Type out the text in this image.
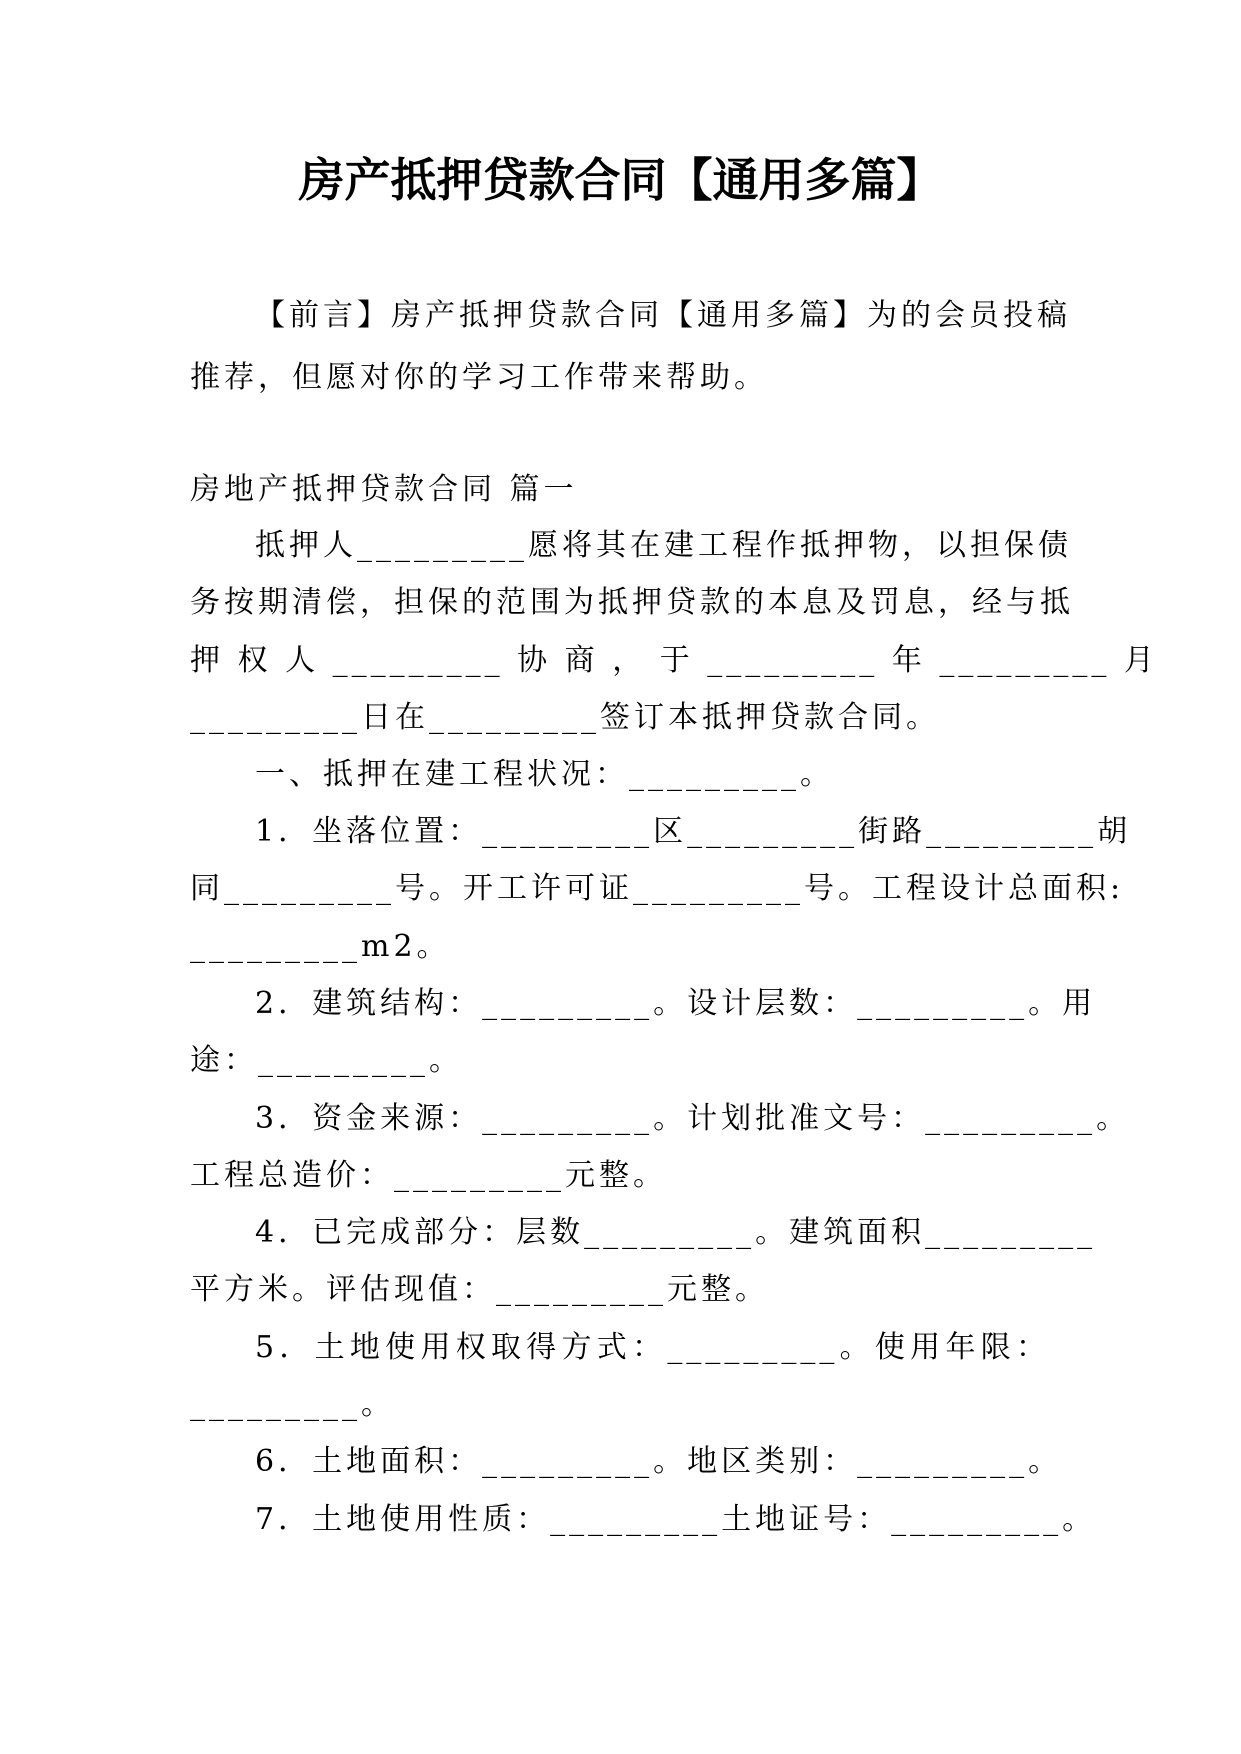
房产抵押贷款合同【通用多篇】
【前言】房产抵押贷款合同【通用多篇】为的会员投稿
推荐，但愿对你的学习工作带来帮助。
房地产抵押贷款合同 篇一
抵押人_________愿将其在建工程作抵押物，以担保债
务按期清偿，担保的范围为抵押贷款的本息及罚息，经与抵
押 权 人 _________ 协 商 ， 于 _________ 年 _________ 月
_________日在_________签订本抵押贷款合同。
一、抵押在建工程状况：_________。
1．坐落位置：_________区_________街路_________胡
同_________号。开工许可证_________号。工程设计总面积:
_________m2。
2．建筑结构：_________。设计层数：_________。用
途：_________。
3．资金来源：_________。计划批准文号：_________。
工程总造价：_________元整。
4．已完成部分：层数_________。建筑面积_________
平方米。评估现值：_________元整。
5．土地使用权取得方式：_________。使用年限：
_________。
6．土地面积：_________。地区类别：_________。
7．土地使用性质：_________土地证号：_________。
